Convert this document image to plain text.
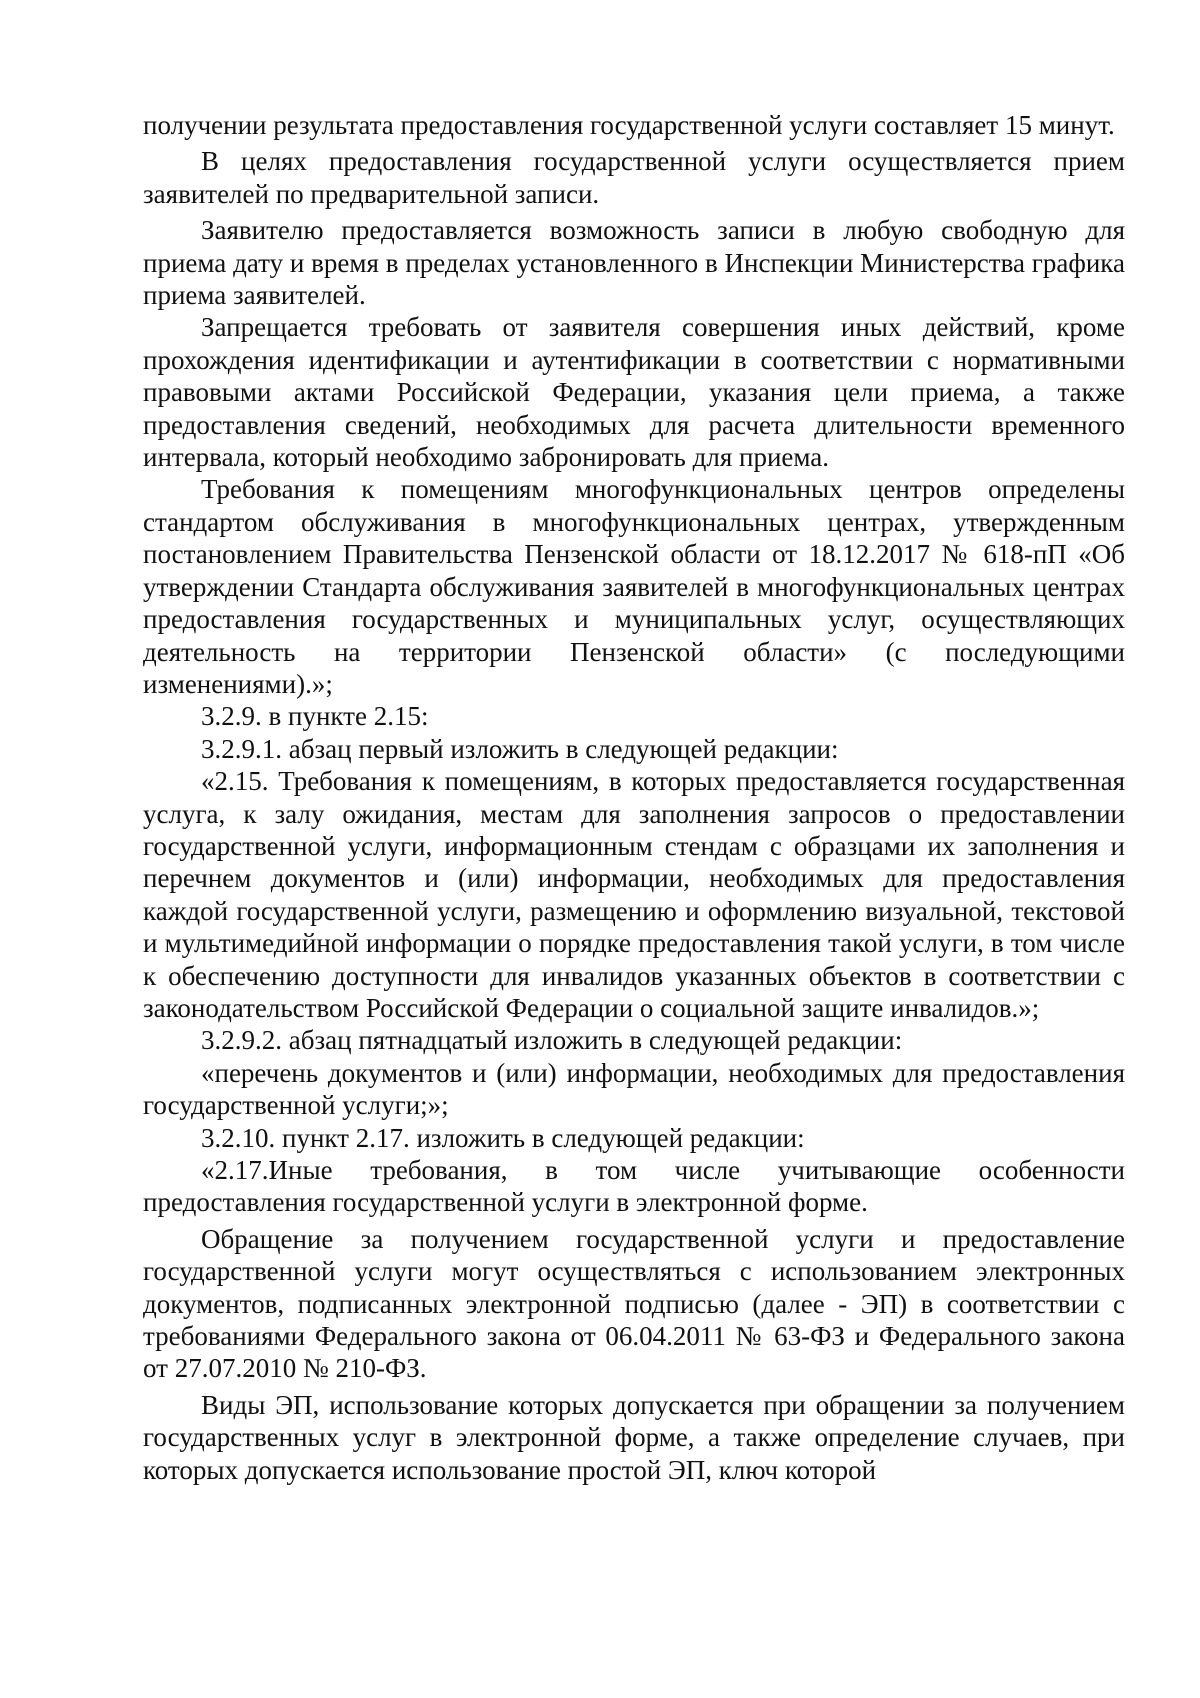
получении результата предоставления государственной услуги составляет 15 минут.

В целях предоставления государственной услуги осуществляется прием заявителей по предварительной записи.

Заявителю предоставляется возможность записи в любую свободную для приема дату и время в пределах установленного в Инспекции Министерства графика приема заявителей.

Запрещается требовать от заявителя совершения иных действий, кроме прохождения идентификации и аутентификации в соответствии с нормативными правовыми актами Российской Федерации, указания цели приема, а также предоставления сведений, необходимых для расчета длительности временного интервала, который необходимо забронировать для приема.

Требования к помещениям многофункциональных центров определены стандартом обслуживания в многофункциональных центрах, утвержденным постановлением Правительства Пензенской области от 18.12.2017 № 618-пП «Об утверждении Стандарта обслуживания заявителей в многофункциональных центрах предоставления государственных и муниципальных услуг, осуществляющих деятельность на территории Пензенской области» (с последующими изменениями).»;

3.2.9. в пункте 2.15:

3.2.9.1. абзац первый изложить в следующей редакции:

«2.15. Требования к помещениям, в которых предоставляется государственная услуга, к залу ожидания, местам для заполнения запросов о предоставлении государственной услуги, информационным стендам с образцами их заполнения и перечнем документов и (или) информации, необходимых для предоставления каждой государственной услуги, размещению и оформлению визуальной, текстовой и мультимедийной информации о порядке предоставления такой услуги, в том числе к обеспечению доступности для инвалидов указанных объектов в соответствии с законодательством Российской Федерации о социальной защите инвалидов.»;

3.2.9.2. абзац пятнадцатый изложить в следующей редакции:

«перечень документов и (или) информации, необходимых для предоставления государственной услуги;»;

3.2.10. пункт 2.17. изложить в следующей редакции:

«2.17.Иные требования, в том числе учитывающие особенности предоставления государственной услуги в электронной форме.

Обращение за получением государственной услуги и предоставление государственной услуги могут осуществляться с использованием электронных документов, подписанных электронной подписью (далее - ЭП) в соответствии с требованиями Федерального закона от 06.04.2011 № 63-ФЗ и Федерального закона от 27.07.2010 № 210-ФЗ.

Виды ЭП, использование которых допускается при обращении за получением государственных услуг в электронной форме, а также определение случаев, при которых допускается использование простой ЭП, ключ которой
